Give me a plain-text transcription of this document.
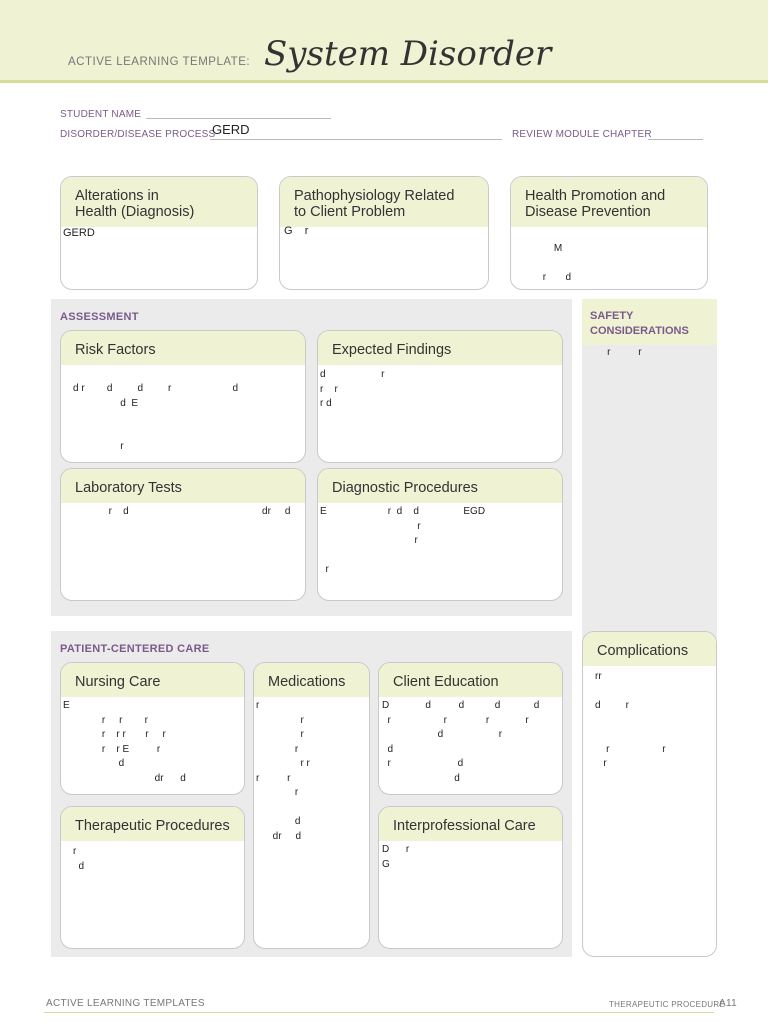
ACTIVE LEARNING TEMPLATE: System Disorder
STUDENT NAME
DISORDER/DISEASE PROCESS
GERD	REVIEW MODULE CHAPTER
Alterations in
Health (Diagnosis)
GERD
Pathophysiology Related
to Client Problem
G    r
Health Promotion and
Disease Prevention

M

r       d
ASSESSMENT
Risk Factors
d r        d         d         r                      d
d  E

r
Expected Findings
d                    r
r    r
r d
Laboratory Tests
r    d                                                dr     d
Diagnostic Procedures
E                      r  d    d                EGD
r
r

r
SAFETY
CONSIDERATIONS
r          r
PATIENT-CENTERED CARE
Nursing Care
E
r     r        r
r    r r       r     r
r    r E          r
d
dr      d
Medications
r
r
r
r
r r
r          r
r

d
dr     d
Client Education
D             d          d           d            d
r                   r              r             r
d                    r
d
r                        d
d
Therapeutic Procedures
r
d
Interprofessional Care
D      r
G
Complications
rr

d         r

r                   r
r
ACTIVE LEARNING TEMPLATES	THERAPEUTIC PROCEDURE
A11
